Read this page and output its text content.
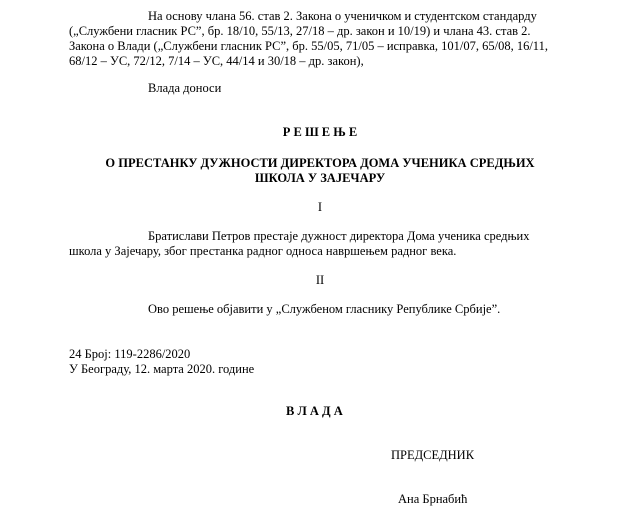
На основу члана 56. став 2. Закона о ученичком и студентском стандарду
(„Службени гласник РС”, бр. 18/10, 55/13, 27/18 – др. закон и 10/19) и члана 43. став 2.
Закона о Влади („Службени гласник РС”, бр. 55/05, 71/05 – исправка, 101/07, 65/08, 16/11,
68/12 – УС, 72/12, 7/14 – УС, 44/14 и 30/18 – др. закон),
Влада доноси
Р Е Ш Е Њ Е
О ПРЕСТАНКУ ДУЖНОСТИ ДИРЕКТОРА ДОМА УЧЕНИКА СРЕДЊИХ
ШКОЛА У ЗАЈЕЧАРУ
I
Братислави Петров престаје дужност директора Дома ученика средњих
школа у Зајечару, због престанка радног односа навршењем радног века.
II
Ово решење објавити у „Службеном гласнику Републике Србије”.
24 Број: 119-2286/2020
У Београду, 12. марта 2020. године
В Л А Д А
ПРЕДСЕДНИК
Ана Брнабић
